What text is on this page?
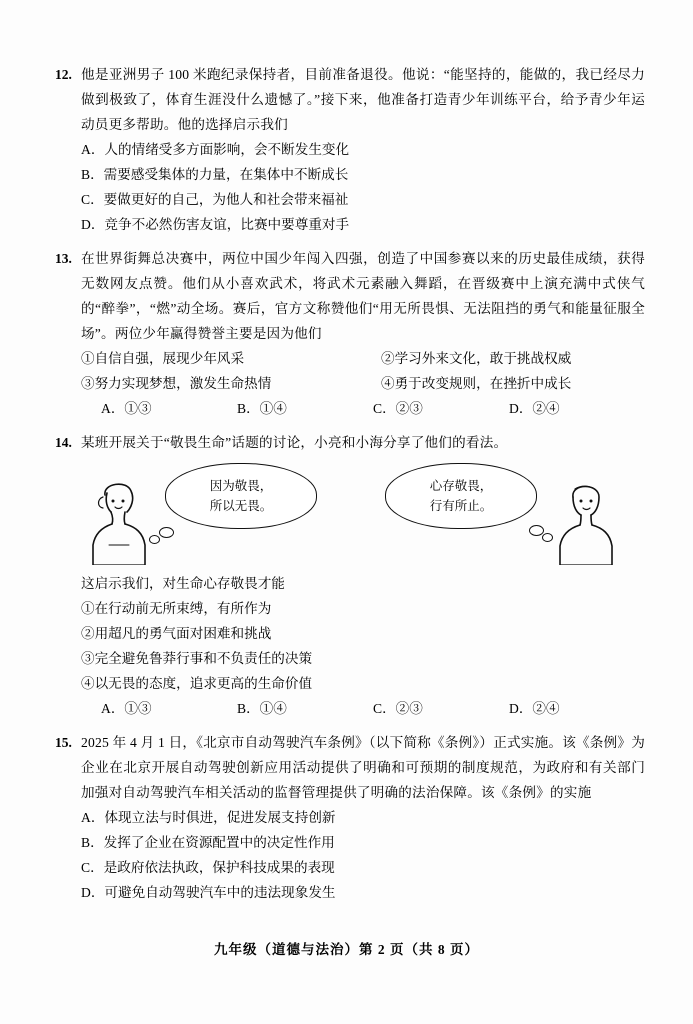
12. 他是亚洲男子 100 米跑纪录保持者，目前准备退役。他说：“能坚持的，能做的，我已经尽力做到极致了，体育生涯没什么遗憾了。”接下来，他准备打造青少年训练平台，给予青少年运动员更多帮助。他的选择启示我们
A．人的情绪受多方面影响，会不断发生变化
B．需要感受集体的力量，在集体中不断成长
C．要做更好的自己，为他人和社会带来福祉
D．竞争不必然伤害友谊，比赛中要尊重对手
13. 在世界街舞总决赛中，两位中国少年闯入四强，创造了中国参赛以来的历史最佳成绩，获得无数网友点赞。他们从小喜欢武术，将武术元素融入舞蹈，在晋级赛中上演充满中式侠气的“醉拳”，“燃”动全场。赛后，官方文称赞他们“用无所畏惧、无法阻挡的勇气和能量征服全场”。两位少年赢得赞誉主要是因为他们
①自信自强，展现少年风采	②学习外来文化，敢于挑战权威
③努力实现梦想，激发生命热情	④勇于改变规则，在挫折中成长
A．①③	B．①④	C．②③	D．②④
14. 某班开展关于“敬畏生命”话题的讨论，小亮和小海分享了他们的看法。
因为敬畏，
所以无畏。
心存敬畏，
行有所止。
这启示我们，对生命心存敬畏才能
①在行动前无所束缚，有所作为
②用超凡的勇气面对困难和挑战
③完全避免鲁莽行事和不负责任的决策
④以无畏的态度，追求更高的生命价值
A．①③	B．①④	C．②③	D．②④
15. 2025 年 4 月 1 日，《北京市自动驾驶汽车条例》（以下简称《条例》）正式实施。该《条例》为企业在北京开展自动驾驶创新应用活动提供了明确和可预期的制度规范，为政府和有关部门加强对自动驾驶汽车相关活动的监督管理提供了明确的法治保障。该《条例》的实施
A．体现立法与时俱进，促进发展支持创新
B．发挥了企业在资源配置中的决定性作用
C．是政府依法执政，保护科技成果的表现
D．可避免自动驾驶汽车中的违法现象发生
九年级（道德与法治）第 2 页（共 8 页）
